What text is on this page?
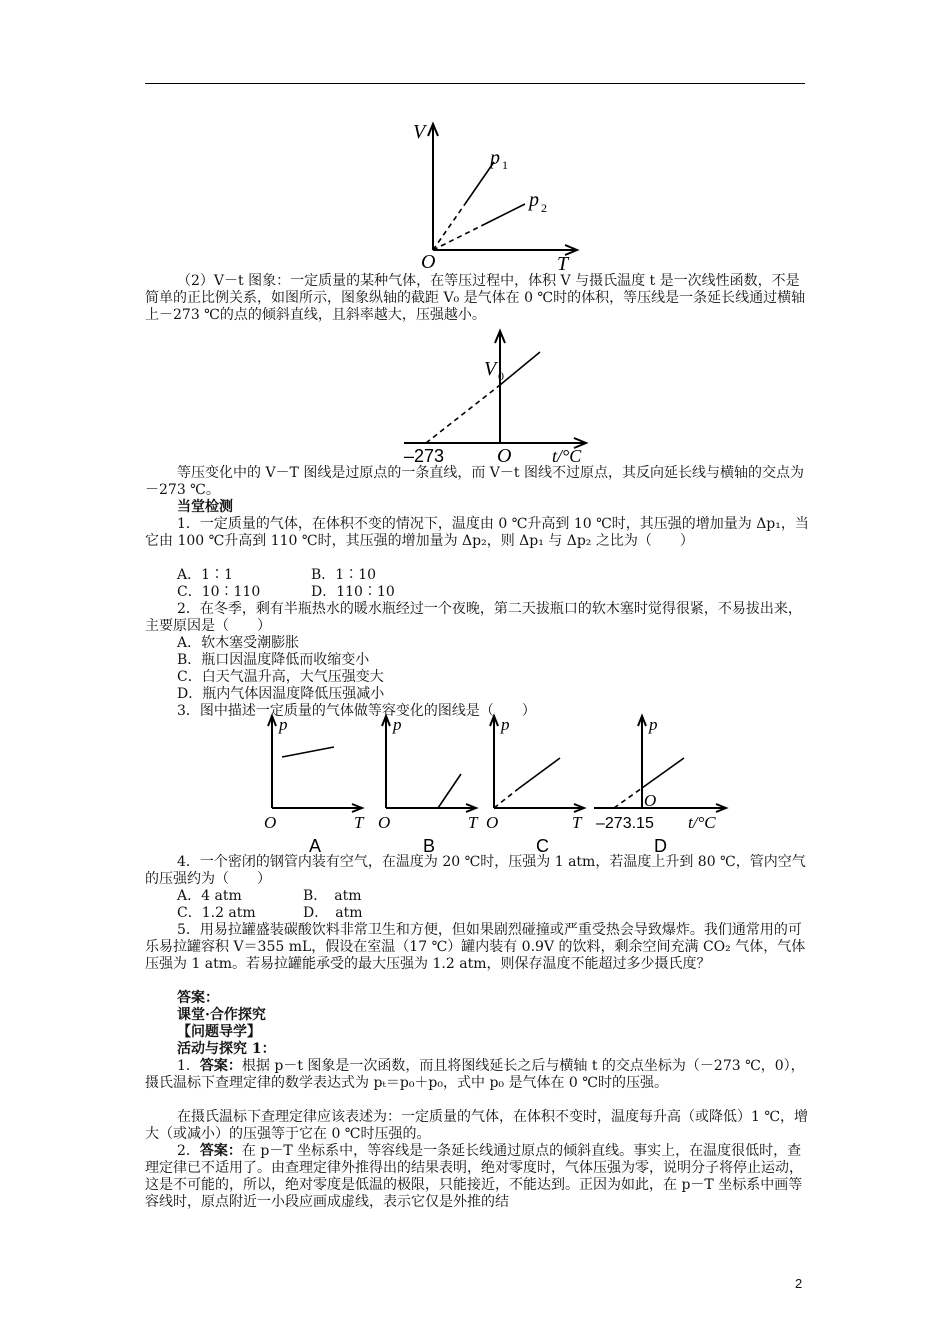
V
T
O
p 1
p 2

（2）V－t 图象：一定质量的某种气体，在等压过程中，体积 V 与摄氏温度 t 是一次线性函数，不是简单的正比例关系，如图所示，图象纵轴的截距 V₀ 是气体在 0 ℃时的体积，等压线是一条延长线通过横轴上－273 ℃的点的倾斜直线，且斜率越大，压强越小。

V 0
–273	O t/°C

等压变化中的 V－T 图线是过原点的一条直线，而 V－t 图线不过原点，其反向延长线与横轴的交点为－273 ℃。

当堂检测

1．一定质量的气体，在体积不变的情况下，温度由 0 ℃升高到 10 ℃时，其压强的增加量为 Δp₁，当它由 100 ℃升高到 110 ℃时，其压强的增加量为 Δp₂，则 Δp₁ 与 Δp₂ 之比为（　　）

A．1∶1	B．1∶10
C．10∶110	D．110∶10

2．在冬季，剩有半瓶热水的暖水瓶经过一个夜晚，第二天拔瓶口的软木塞时觉得很紧，不易拔出来，主要原因是（　　）

A．软木塞受潮膨胀
B．瓶口因温度降低而收缩变小
C．白天气温升高，大气压强变大
D．瓶内气体因温度降低压强减小
3．图中描述一定质量的气体做等容变化的图线是（　　）
p
O	T
A
p
O	T
B
p
O	T
C
p
O
–273.15 t/°C
D

4．一个密闭的钢管内装有空气，在温度为 20 ℃时，压强为 1 atm，若温度上升到 80 ℃，管内空气的压强约为（　　）

A．4 atm	B．　atm
C．1.2 atm	D．　atm

5．用易拉罐盛装碳酸饮料非常卫生和方便，但如果剧烈碰撞或严重受热会导致爆炸。我们通常用的可乐易拉罐容积 V＝355 mL，假设在室温（17 ℃）罐内装有 0.9V 的饮料，剩余空间充满 CO₂ 气体，气体压强为 1 atm。若易拉罐能承受的最大压强为 1.2 atm，则保存温度不能超过多少摄氏度？

答案：
课堂·合作探究
【问题导学】
活动与探究 1：

1．答案：根据 p－t 图象是一次函数，而且将图线延长之后与横轴 t 的交点坐标为（－273 ℃，0），摄氏温标下查理定律的数学表达式为 pₜ＝p₀＋p₀，式中 p₀ 是气体在 0 ℃时的压强。

在摄氏温标下查理定律应该表述为：一定质量的气体，在体积不变时，温度每升高（或降低）1 ℃，增大（或减小）的压强等于它在 0 ℃时压强的。

2．答案：在 p－T 坐标系中，等容线是一条延长线通过原点的倾斜直线。事实上，在温度很低时，查理定律已不适用了。由查理定律外推得出的结果表明，绝对零度时，气体压强为零，说明分子将停止运动，这是不可能的，所以，绝对零度是低温的极限，只能接近，不能达到。正因为如此，在 p－T 坐标系中画等容线时，原点附近一小段应画成虚线，表示它仅是外推的结

2
